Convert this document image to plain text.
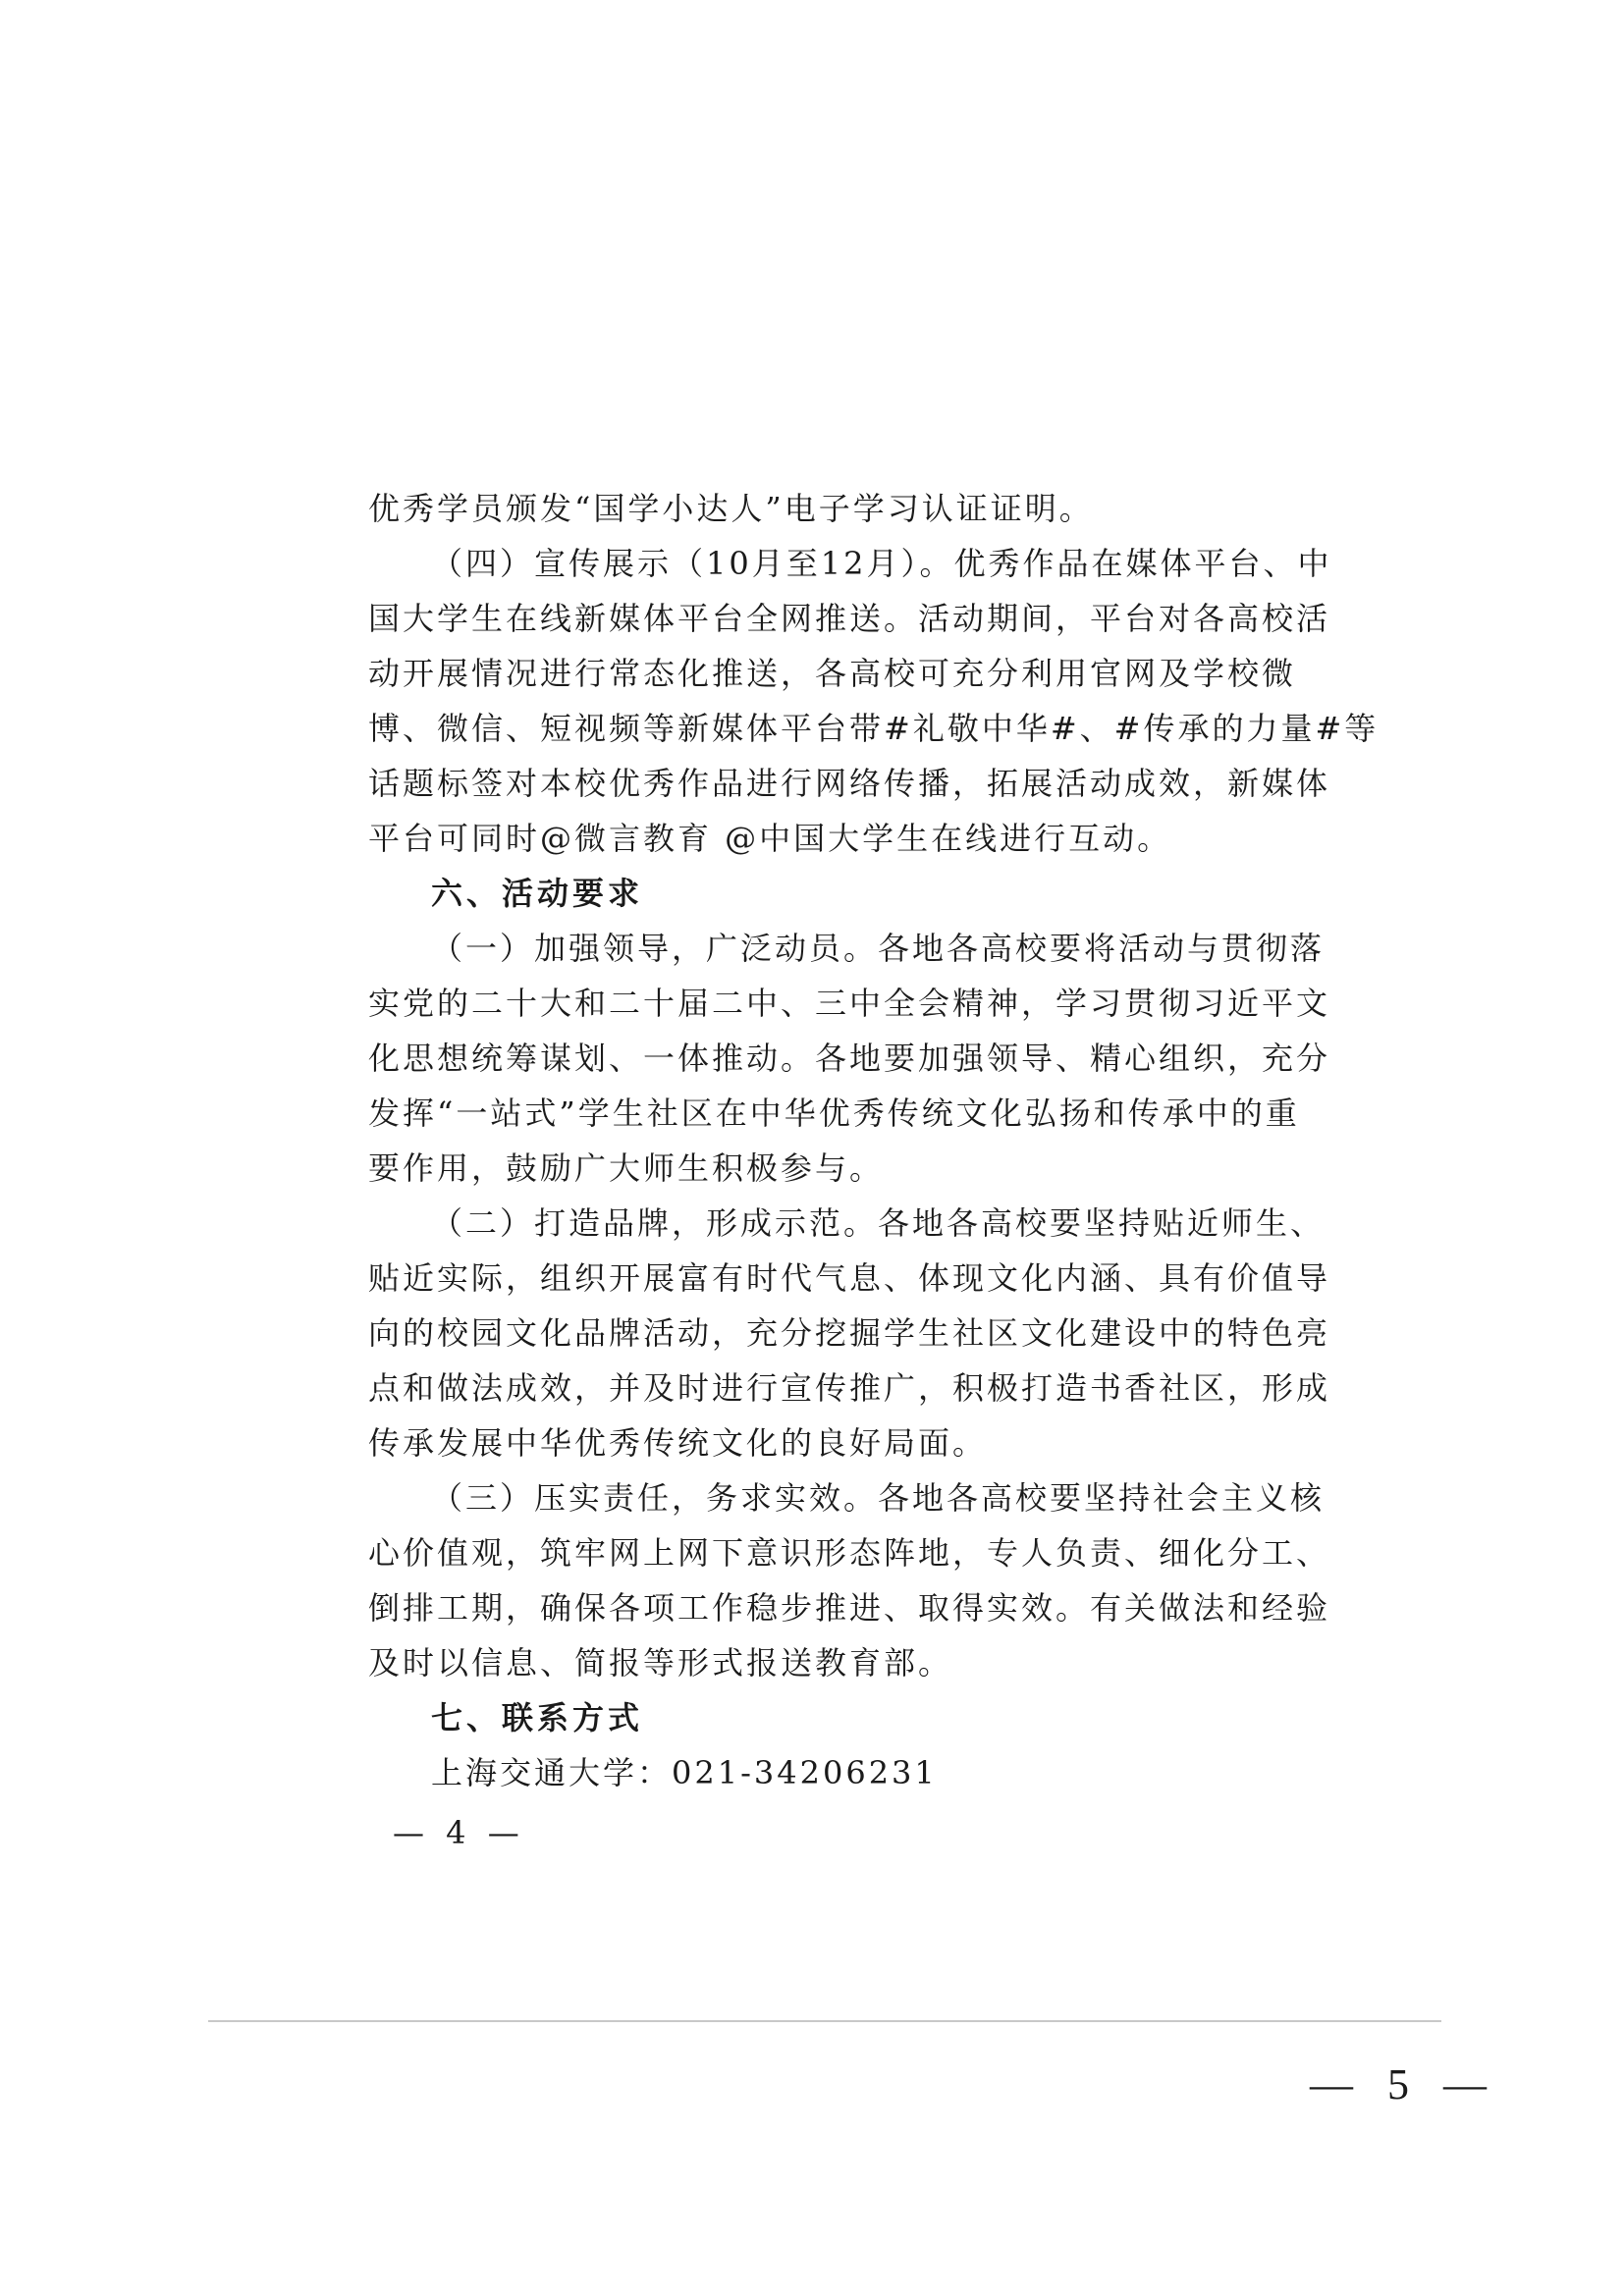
优秀学员颁发“国学小达人”电子学习认证证明。
（四）宣传展示（10月至12月）。优秀作品在媒体平台、中
国大学生在线新媒体平台全网推送。活动期间，平台对各高校活
动开展情况进行常态化推送，各高校可充分利用官网及学校微
博、微信、短视频等新媒体平台带#礼敬中华#、#传承的力量#等
话题标签对本校优秀作品进行网络传播，拓展活动成效，新媒体
平台可同时@微言教育 @中国大学生在线进行互动。
六、活动要求
（一）加强领导，广泛动员。各地各高校要将活动与贯彻落
实党的二十大和二十届二中、三中全会精神，学习贯彻习近平文
化思想统筹谋划、一体推动。各地要加强领导、精心组织，充分
发挥“一站式”学生社区在中华优秀传统文化弘扬和传承中的重
要作用，鼓励广大师生积极参与。
（二）打造品牌，形成示范。各地各高校要坚持贴近师生、
贴近实际，组织开展富有时代气息、体现文化内涵、具有价值导
向的校园文化品牌活动，充分挖掘学生社区文化建设中的特色亮
点和做法成效，并及时进行宣传推广，积极打造书香社区，形成
传承发展中华优秀传统文化的良好局面。
（三）压实责任，务求实效。各地各高校要坚持社会主义核
心价值观，筑牢网上网下意识形态阵地，专人负责、细化分工、
倒排工期，确保各项工作稳步推进、取得实效。有关做法和经验
及时以信息、简报等形式报送教育部。
七、联系方式
上海交通大学：021-34206231
— 4 —
— 5 —
